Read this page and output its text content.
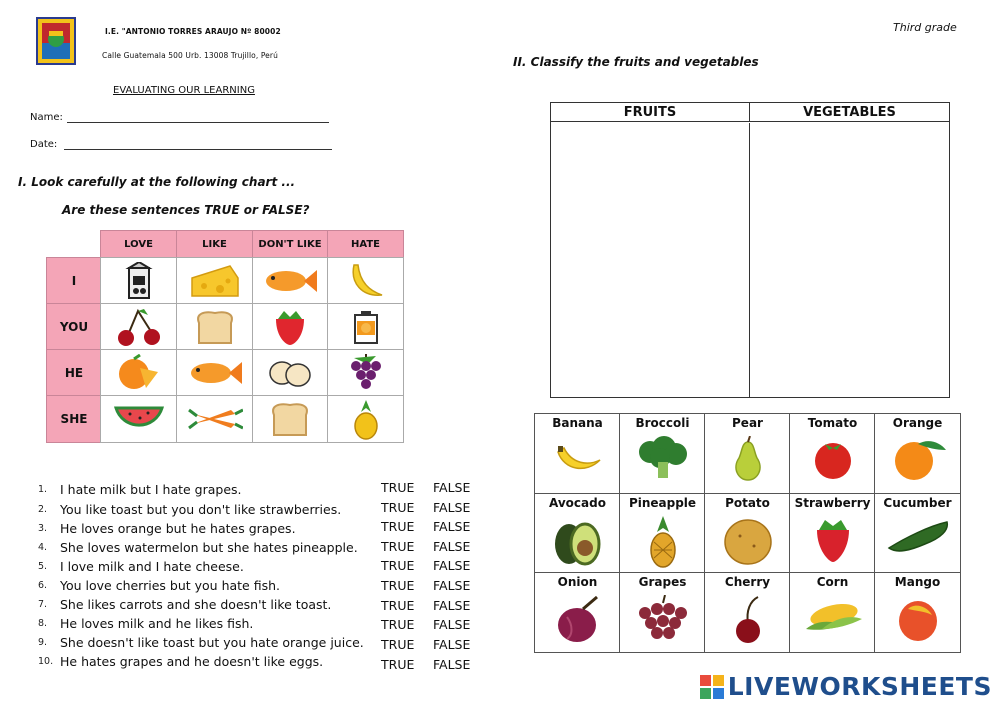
I.E. "ANTONIO TORRES ARAUJO Nº 80002
Calle Guatemala 500 Urb. 13008 Trujillo, Perú
Third grade
EVALUATING OUR LEARNING
Name:
Date:
I. Look carefully at the following chart ...
Are these sentences TRUE or FALSE?
LOVE	LIKE	DON'T LIKE	HATE
I
YOU
HE
SHE
1. I hate milk but I hate grapes.	TRUE FALSE
2. You like toast but you don't like strawberries.	TRUE FALSE
3. He loves orange but he hates grapes.	TRUE FALSE
4. She loves watermelon but she hates pineapple. TRUE FALSE
5. I love milk and I hate cheese.	TRUE FALSE
6. You love cherries but you hate fish.	TRUE FALSE
7. She likes carrots and she doesn't like toast.	TRUE FALSE
8. He loves milk and he likes fish.	TRUE FALSE
9. She doesn't like toast but you hate orange juice. TRUE FALSE
10. He hates grapes and he doesn't like eggs.	TRUE FALSE
II. Classify the fruits and vegetables
FRUITS	VEGETABLES
Banana	Broccoli	Pear	Tomato	Orange
Avocado	Pineapple	Potato	Strawberry	Cucumber
Onion	Grapes	Cherry	Corn	Mango
LIVEWORKSHEETS
